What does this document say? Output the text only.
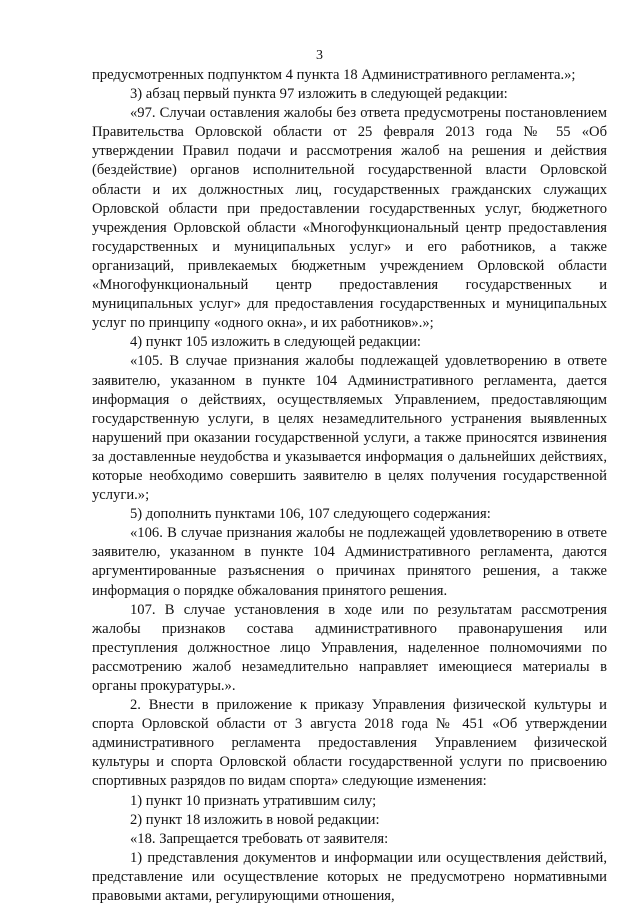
3

предусмотренных подпунктом 4 пункта 18 Административного регламента.»;

3) абзац первый пункта 97 изложить в следующей редакции:

«97. Случаи оставления жалобы без ответа предусмотрены постановлением Правительства Орловской области от 25 февраля 2013 года № 55 «Об утверждении Правил подачи и рассмотрения жалоб на решения и действия (бездействие) органов исполнительной государственной власти Орловской области и их должностных лиц, государственных гражданских служащих Орловской области при предоставлении государственных услуг, бюджетного учреждения Орловской области «Многофункциональный центр предоставления государственных и муниципальных услуг» и его работников, а также организаций, привлекаемых бюджетным учреждением Орловской области «Многофункциональный центр предоставления государственных и муниципальных услуг» для предоставления государственных и муниципальных услуг по принципу «одного окна», и их работников».»;

4) пункт 105 изложить в следующей редакции:

«105. В случае признания жалобы подлежащей удовлетворению в ответе заявителю, указанном в пункте 104 Административного регламента, дается информация о действиях, осуществляемых Управлением, предоставляющим государственную услуги, в целях незамедлительного устранения выявленных нарушений при оказании государственной услуги, а также приносятся извинения за доставленные неудобства и указывается информация о дальнейших действиях, которые необходимо совершить заявителю в целях получения государственной услуги.»;

5) дополнить пунктами 106, 107 следующего содержания:

«106. В случае признания жалобы не подлежащей удовлетворению в ответе заявителю, указанном в пункте 104 Административного регламента, даются аргументированные разъяснения о причинах принятого решения, а также информация о порядке обжалования принятого решения.

107. В случае установления в ходе или по результатам рассмотрения жалобы признаков состава административного правонарушения или преступления должностное лицо Управления, наделенное полномочиями по рассмотрению жалоб незамедлительно направляет имеющиеся материалы в органы прокуратуры.».

2. Внести в приложение к приказу Управления физической культуры и спорта Орловской области от 3 августа 2018 года № 451 «Об утверждении административного регламента предоставления Управлением физической культуры и спорта Орловской области государственной услуги по присвоению спортивных разрядов по видам спорта» следующие изменения:

1) пункт 10 признать утратившим силу;

2) пункт 18 изложить в новой редакции:

«18. Запрещается требовать от заявителя:

1) представления документов и информации или осуществления действий, представление или осуществление которых не предусмотрено нормативными правовыми актами, регулирующими отношения,
